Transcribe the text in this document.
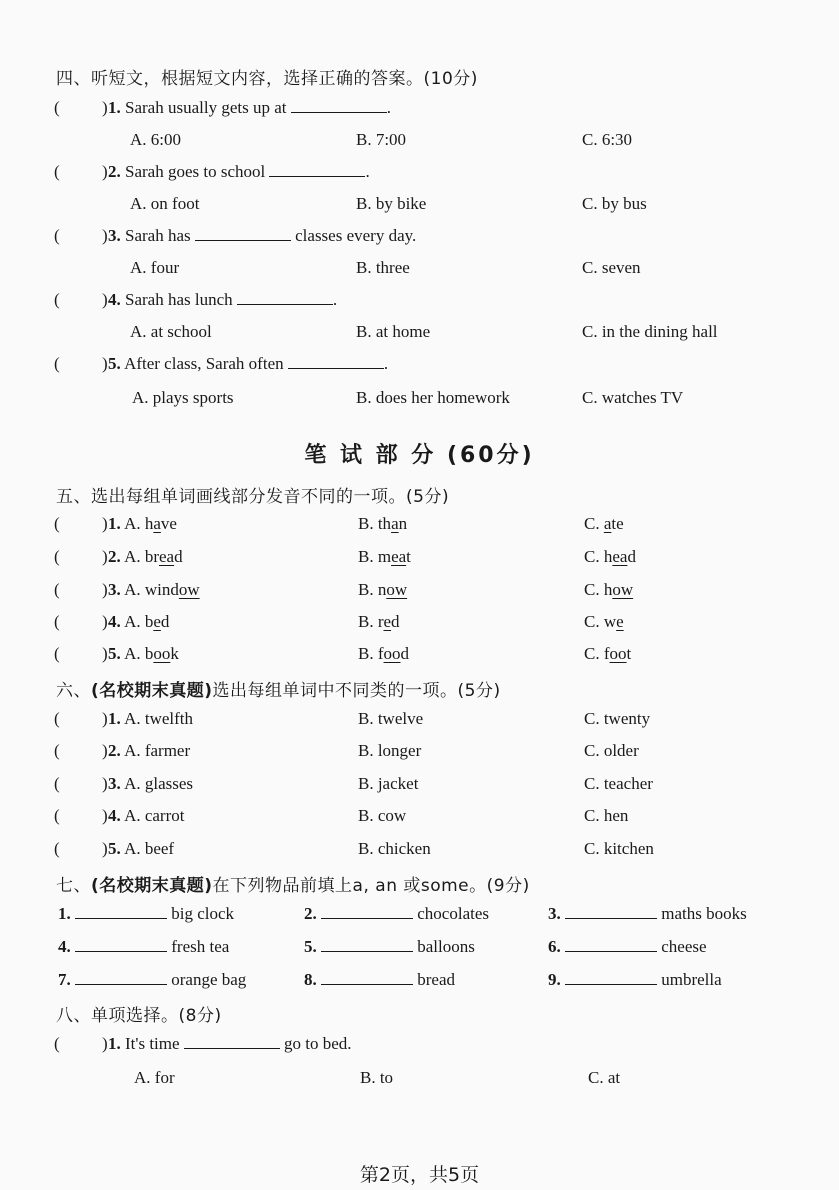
四、听短文，根据短文内容，选择正确的答案。(10分)
(	1. Sarah usually gets up at	.
)
A. 6:00	B. 7:00	C. 6:30
(	2. Sarah goes to school	.
)
A. on foot	B. by bike	C. by bus
(	3. Sarah has	classes every day.
)
A. four	B. three	C. seven
(	4. Sarah has lunch	.
)
A. at school	B. at home	C. in the dining hall
(	5. After class, Sarah often	.
)
A. plays sports	B. does her homework	C. watches TV
笔 试 部 分 (60分)
五、选出每组单词画线部分发音不同的一项。(5分)
(	1. A. have	B. than	C. ate
)
(	2. A. bread	B. meat	C. head
)
(	3. A. window	B. now	C. how
)
(	4. A. bed	B. red	C. we
)
(	5. A. book	B. food	C. foot
)
六、(名校期末真题)选出每组单词中不同类的一项。(5分)
(	1. A. twelfth	B. twelve	C. twenty
)
(	2. A. farmer	B. longer	C. older
)
(	3. A. glasses	B. jacket	C. teacher
)
(	4. A. carrot	B. cow	C. hen
)
(	5. A. beef	B. chicken	C. kitchen
)
七、(名校期末真题)在下列物品前填上a, an 或some。(9分)
1.	big clock	2.	chocolates	3.	maths books
4.	fresh tea	5.	balloons	6.	cheese
7.	orange bag	8.	bread	9.	umbrella
八、单项选择。(8分)
(	1. It's time	go to bed.
)
A. for	B. to	C. at
第2页，共5页
